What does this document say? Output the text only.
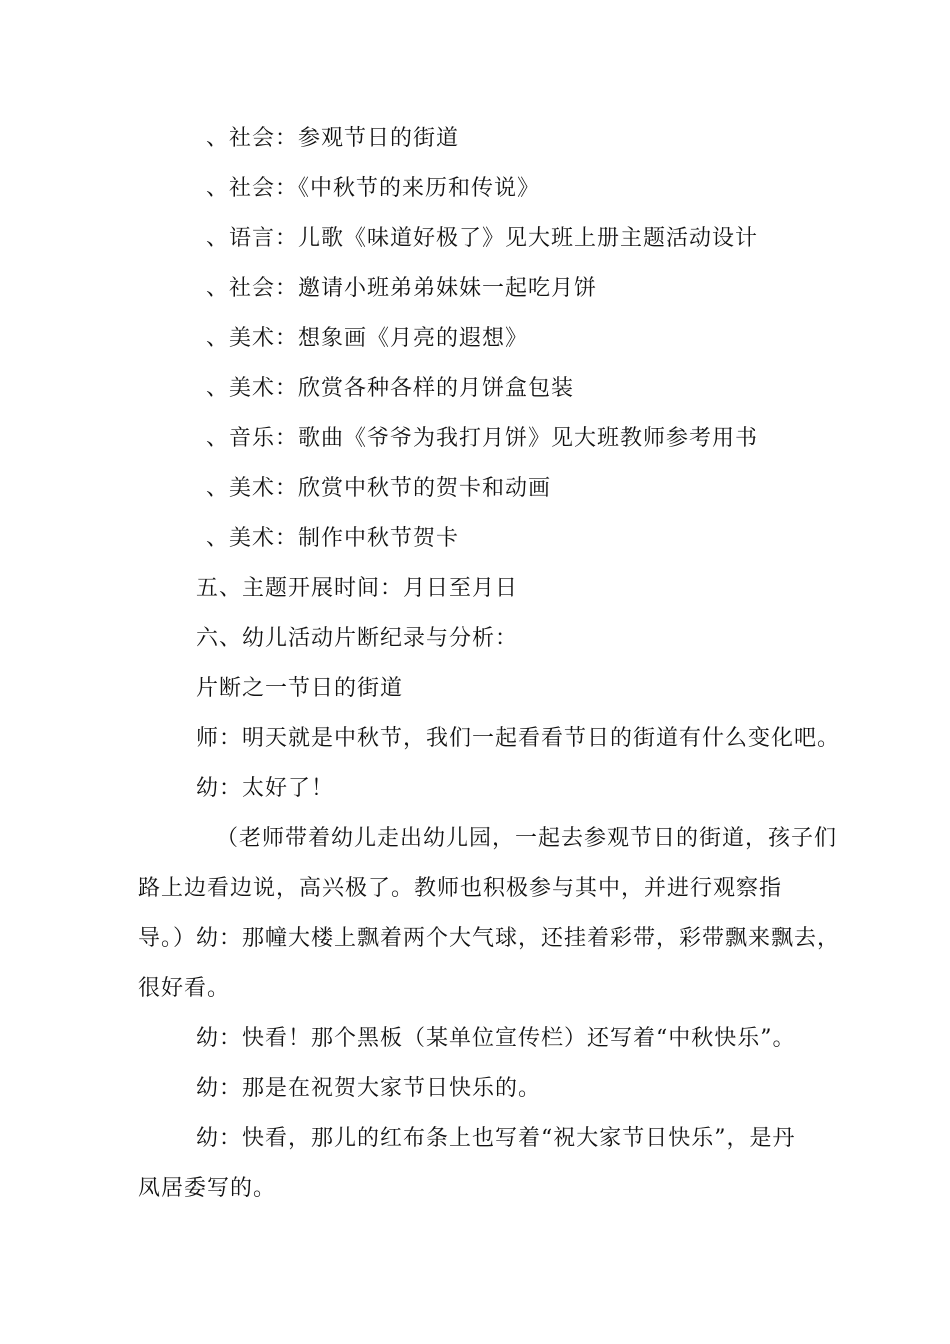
、社会：参观节日的街道
、社会：《中秋节的来历和传说》
、语言：儿歌《味道好极了》见大班上册主题活动设计
、社会：邀请小班弟弟妹妹一起吃月饼
、美术：想象画《月亮的遐想》
、美术：欣赏各种各样的月饼盒包装
、音乐：歌曲《爷爷为我打月饼》见大班教师参考用书
、美术：欣赏中秋节的贺卡和动画
、美术：制作中秋节贺卡
五、主题开展时间：月日至月日
六、幼儿活动片断纪录与分析：
片断之一节日的街道
师：明天就是中秋节，我们一起看看节日的街道有什么变化吧。
幼：太好了！
（老师带着幼儿走出幼儿园，一起去参观节日的街道，孩子们
路上边看边说，高兴极了。教师也积极参与其中，并进行观察指
导。）幼：那幢大楼上飘着两个大气球，还挂着彩带，彩带飘来飘去，
很好看。
幼：快看！那个黑板（某单位宣传栏）还写着“中秋快乐”。
幼：那是在祝贺大家节日快乐的。
幼：快看，那儿的红布条上也写着“祝大家节日快乐”，是丹
凤居委写的。
